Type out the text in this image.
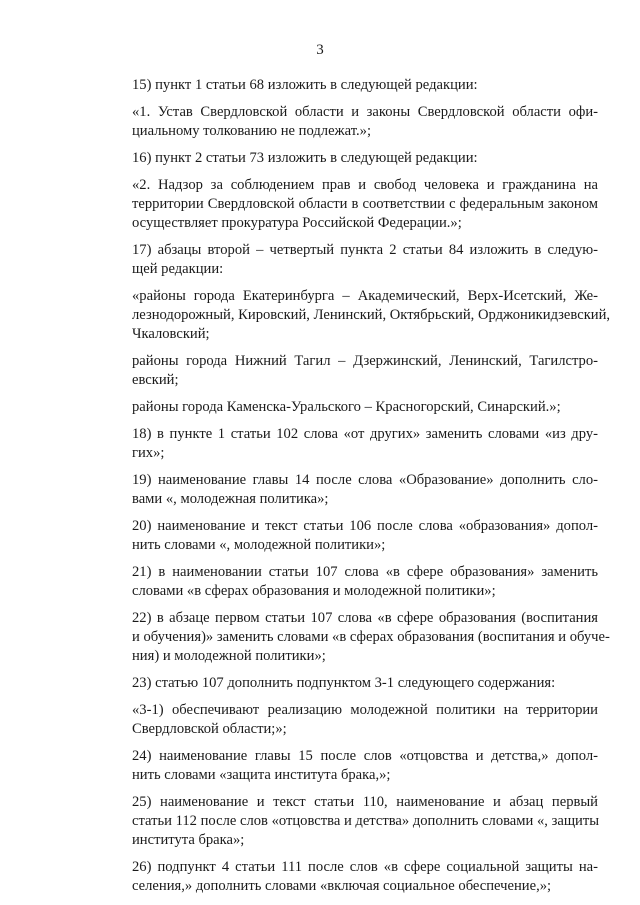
3

15) пункт 1 статьи 68 изложить в следующей редакции:

«1. Устав Свердловской области и законы Свердловской области офи-
циальному толкованию не подлежат.»;

16) пункт 2 статьи 73 изложить в следующей редакции:

«2. Надзор за соблюдением прав и свобод человека и гражданина на
территории Свердловской области в соответствии с федеральным законом
осуществляет прокуратура Российской Федерации.»;

17) абзацы второй – четвертый пункта 2 статьи 84 изложить в следую-
щей редакции:

«районы города Екатеринбурга – Академический, Верх-Исетский, Же-
лезнодорожный, Кировский, Ленинский, Октябрьский, Орджоникидзевский,
Чкаловский;

районы города Нижний Тагил – Дзержинский, Ленинский, Тагилстро-
евский;

районы города Каменска-Уральского – Красногорский, Синарский.»;

18) в пункте 1 статьи 102 слова «от других» заменить словами «из дру-
гих»;

19) наименование главы 14 после слова «Образование» дополнить сло-
вами «, молодежная политика»;

20) наименование и текст статьи 106 после слова «образования» допол-
нить словами «, молодежной политики»;

21) в наименовании статьи 107 слова «в сфере образования» заменить
словами «в сферах образования и молодежной политики»;

22) в абзаце первом статьи 107 слова «в сфере образования (воспитания
и обучения)» заменить словами «в сферах образования (воспитания и обуче-
ния) и молодежной политики»;

23) статью 107 дополнить подпунктом 3-1 следующего содержания:

«3-1) обеспечивают реализацию молодежной политики на территории
Свердловской области;»;

24) наименование главы 15 после слов «отцовства и детства,» допол-
нить словами «защита института брака,»;

25) наименование и текст статьи 110, наименование и абзац первый
статьи 112 после слов «отцовства и детства» дополнить словами «, защиты
института брака»;

26) подпункт 4 статьи 111 после слов «в сфере социальной защиты на-
селения,» дополнить словами «включая социальное обеспечение,»;
